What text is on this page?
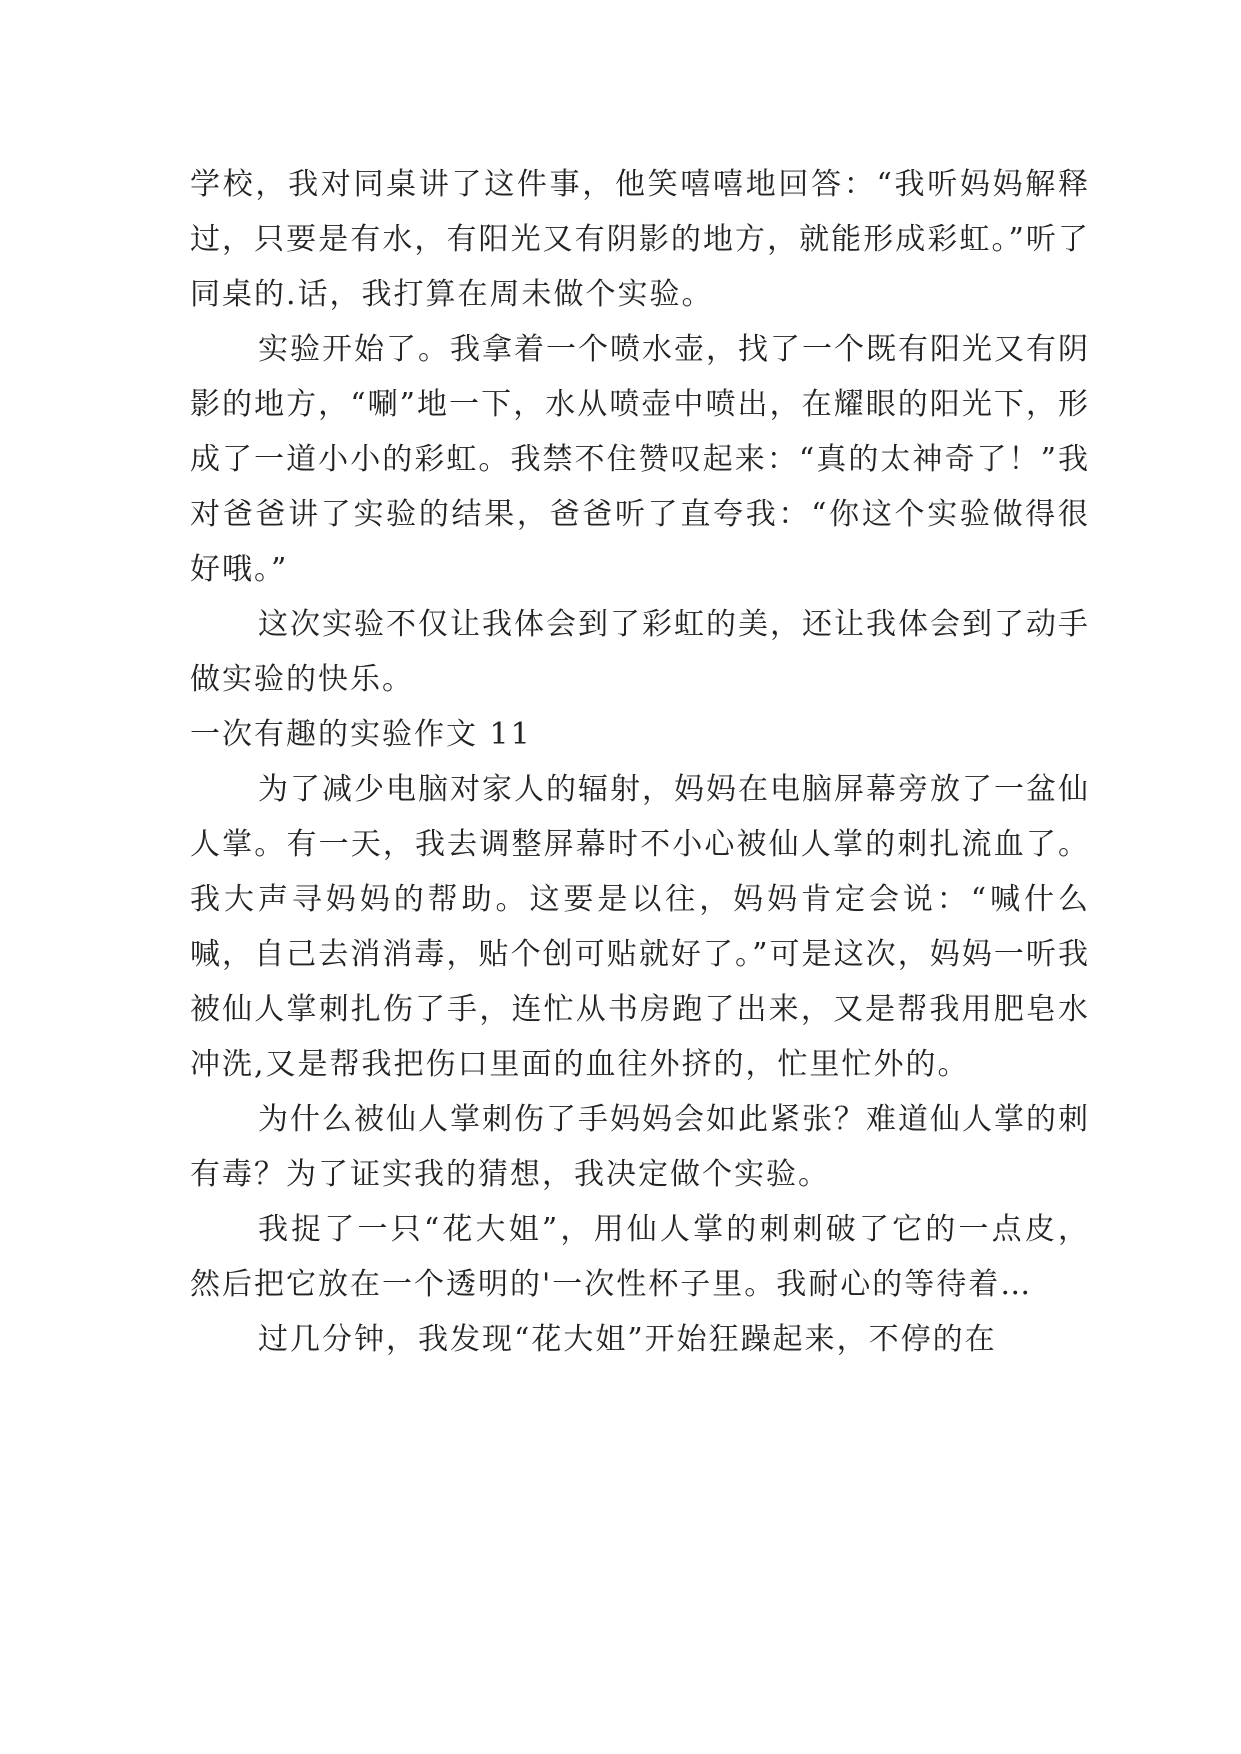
学校，我对同桌讲了这件事，他笑嘻嘻地回答：“我听妈妈解释过，只要是有水，有阳光又有阴影的地方，就能形成彩虹。”听了同桌的.话，我打算在周未做个实验。

实验开始了。我拿着一个喷水壶，找了一个既有阳光又有阴影的地方，“唰”地一下，水从喷壶中喷出，在耀眼的阳光下，形成了一道小小的彩虹。我禁不住赞叹起来：“真的太神奇了！”我对爸爸讲了实验的结果，爸爸听了直夸我：“你这个实验做得很好哦。”

这次实验不仅让我体会到了彩虹的美，还让我体会到了动手做实验的快乐。

一次有趣的实验作文 11

为了减少电脑对家人的辐射，妈妈在电脑屏幕旁放了一盆仙人掌。有一天，我去调整屏幕时不小心被仙人掌的刺扎流血了。我大声寻妈妈的帮助。这要是以往，妈妈肯定会说：“喊什么喊，自己去消消毒，贴个创可贴就好了。”可是这次，妈妈一听我被仙人掌刺扎伤了手，连忙从书房跑了出来，又是帮我用肥皂水冲洗,又是帮我把伤口里面的血往外挤的，忙里忙外的。

为什么被仙人掌刺伤了手妈妈会如此紧张？难道仙人掌的刺有毒？为了证实我的猜想，我决定做个实验。

我捉了一只“花大姐”，用仙人掌的刺刺破了它的一点皮，然后把它放在一个透明的'一次性杯子里。我耐心的等待着…

过几分钟，我发现“花大姐”开始狂躁起来，不停的在
